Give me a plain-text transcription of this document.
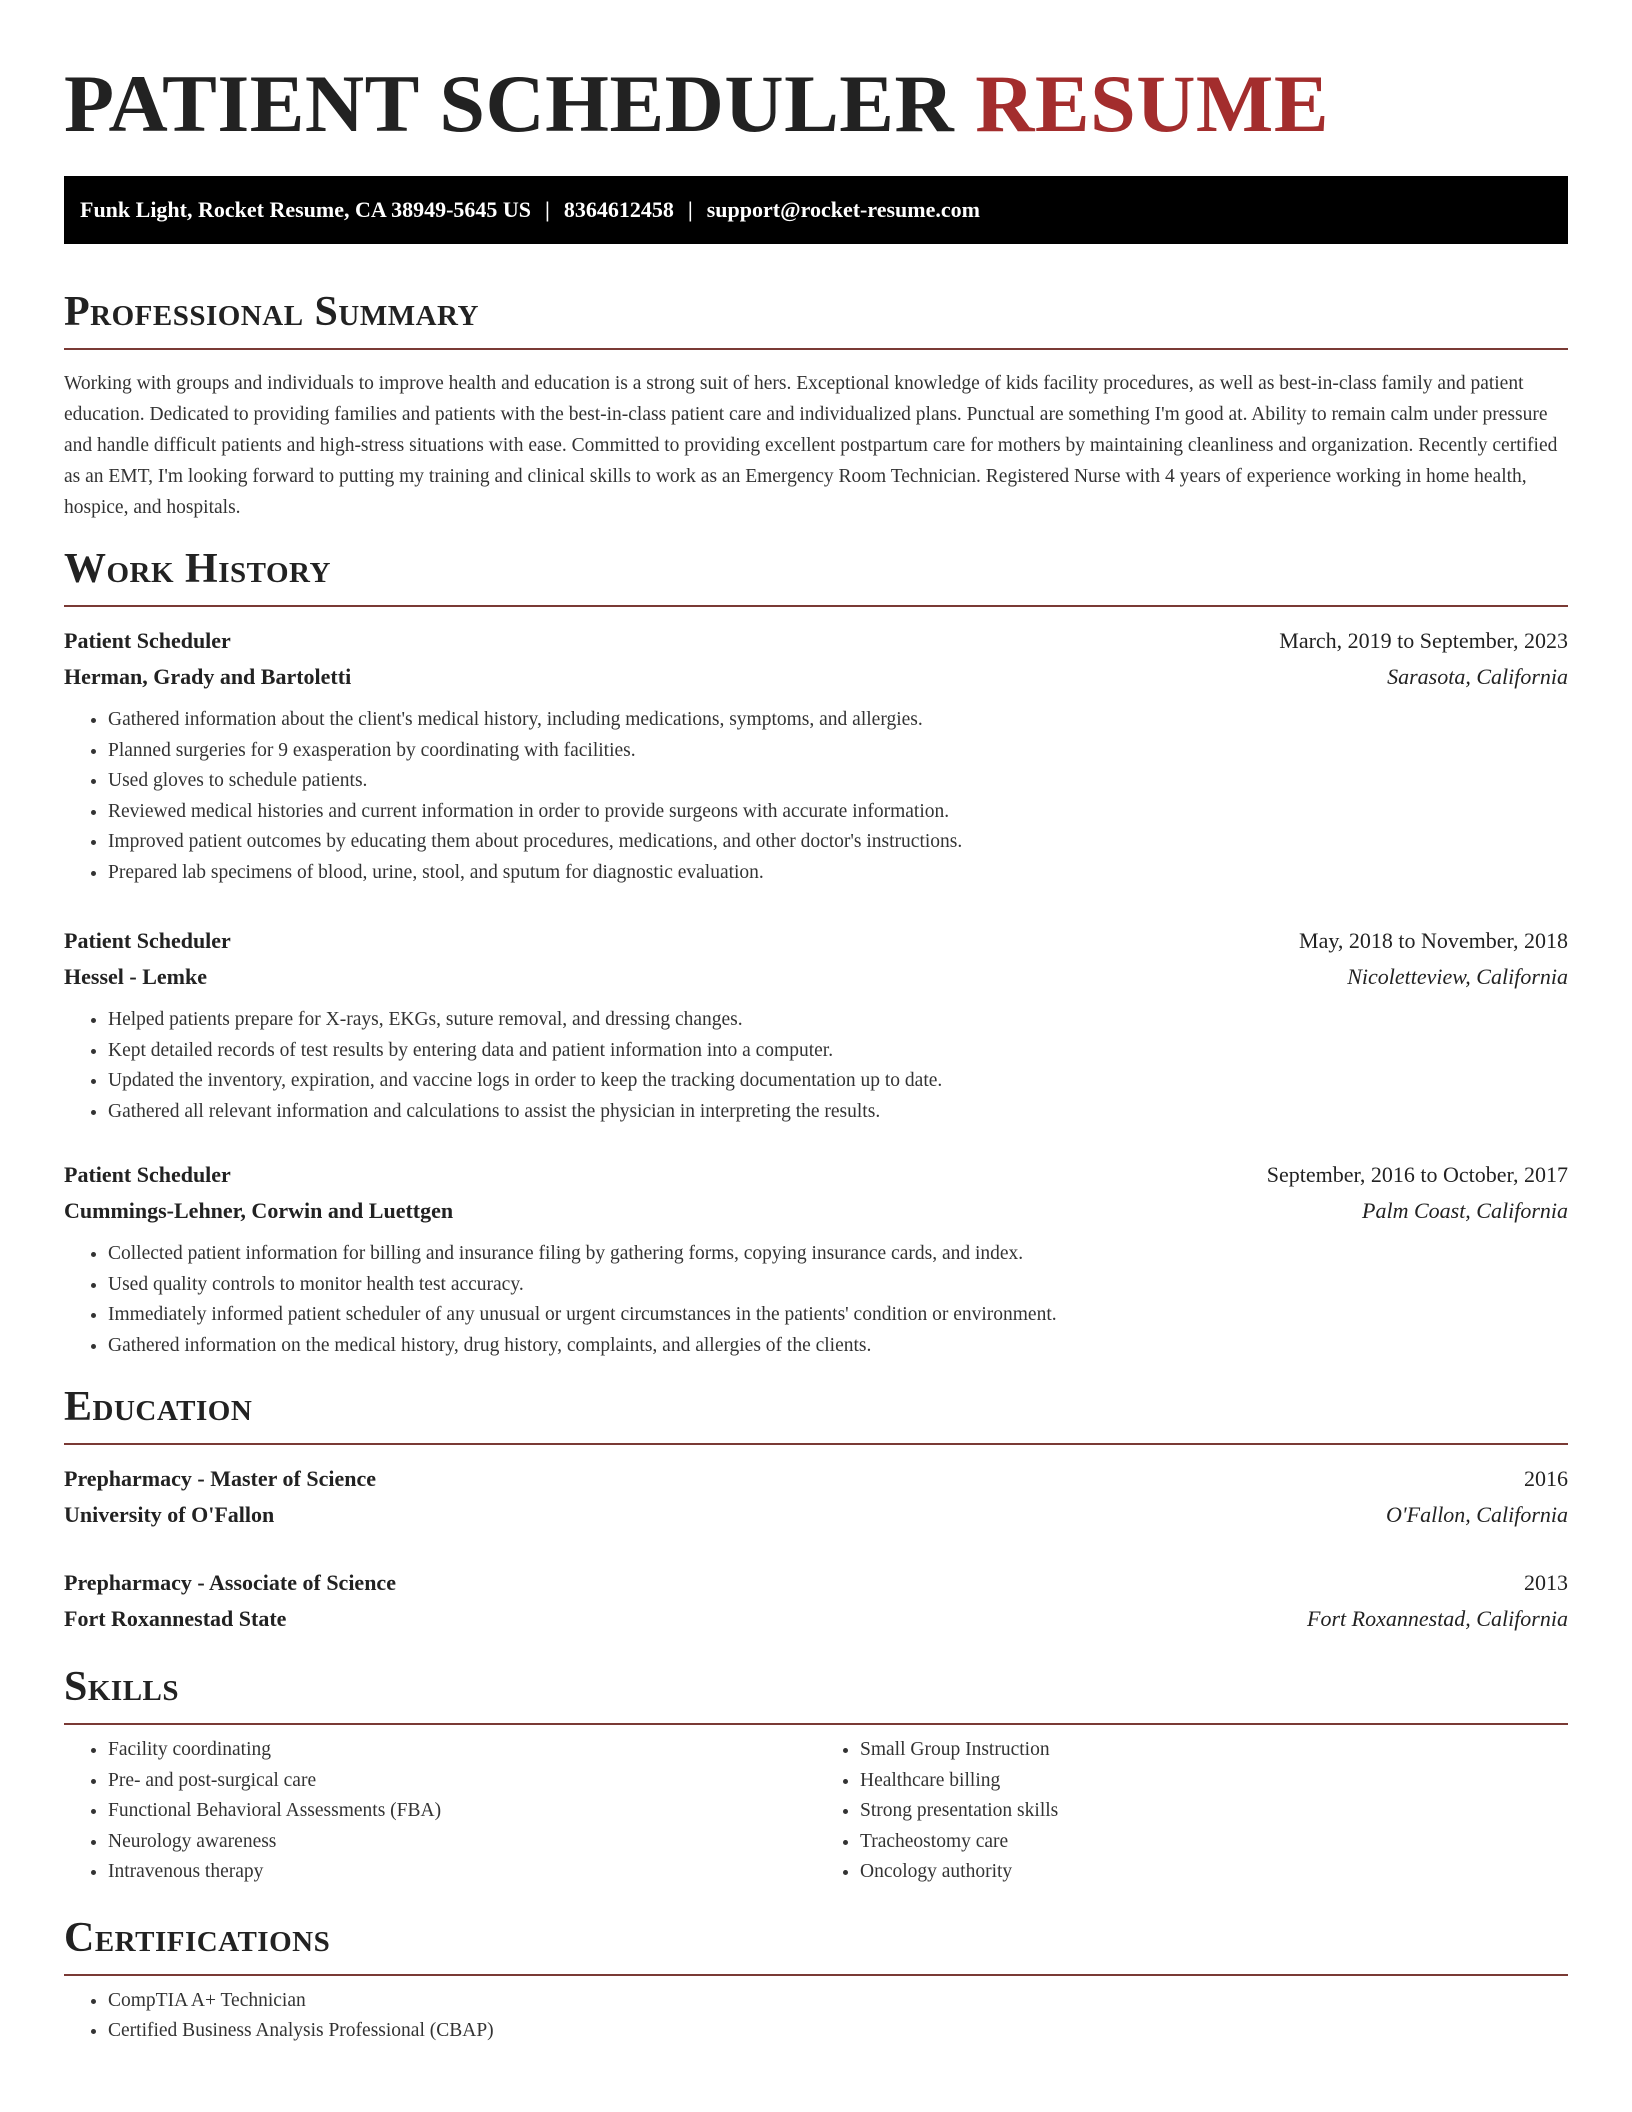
PATIENT SCHEDULER RESUME
Funk Light, Rocket Resume, CA 38949-5645 US | 8364612458 | support@rocket-resume.com
Professional Summary

Working with groups and individuals to improve health and education is a strong suit of hers. Exceptional knowledge of kids facility procedures, as well as best-in-class family and patient education. Dedicated to providing families and patients with the best-in-class patient care and individualized plans. Punctual are something I'm good at. Ability to remain calm under pressure and handle difficult patients and high-stress situations with ease. Committed to providing excellent postpartum care for mothers by maintaining cleanliness and organization. Recently certified as an EMT, I'm looking forward to putting my training and clinical skills to work as an Emergency Room Technician. Registered Nurse with 4 years of experience working in home health, hospice, and hospitals.

Work History
Patient Scheduler	March, 2019 to September, 2023
Herman, Grady and Bartoletti	Sarasota, California
• Gathered information about the client's medical history, including medications, symptoms, and allergies.
• Planned surgeries for 9 exasperation by coordinating with facilities.
• Used gloves to schedule patients.
• Reviewed medical histories and current information in order to provide surgeons with accurate information.
• Improved patient outcomes by educating them about procedures, medications, and other doctor's instructions.
• Prepared lab specimens of blood, urine, stool, and sputum for diagnostic evaluation.
Patient Scheduler	May, 2018 to November, 2018
Hessel - Lemke	Nicoletteview, California
• Helped patients prepare for X-rays, EKGs, suture removal, and dressing changes.
• Kept detailed records of test results by entering data and patient information into a computer.
• Updated the inventory, expiration, and vaccine logs in order to keep the tracking documentation up to date.
• Gathered all relevant information and calculations to assist the physician in interpreting the results.
Patient Scheduler	September, 2016 to October, 2017
Cummings-Lehner, Corwin and Luettgen	Palm Coast, California
• Collected patient information for billing and insurance filing by gathering forms, copying insurance cards, and index.
• Used quality controls to monitor health test accuracy.
• Immediately informed patient scheduler of any unusual or urgent circumstances in the patients' condition or environment.
• Gathered information on the medical history, drug history, complaints, and allergies of the clients.
Education
Prepharmacy - Master of Science	2016
University of O'Fallon	O'Fallon, California
Prepharmacy - Associate of Science	2013
Fort Roxannestad State	Fort Roxannestad, California
Skills
• Facility coordinating
• Pre- and post-surgical care
• Functional Behavioral Assessments (FBA)
• Neurology awareness
• Intravenous therapy
• Small Group Instruction
• Healthcare billing
• Strong presentation skills
• Tracheostomy care
• Oncology authority
Certifications
• CompTIA A+ Technician
• Certified Business Analysis Professional (CBAP)
